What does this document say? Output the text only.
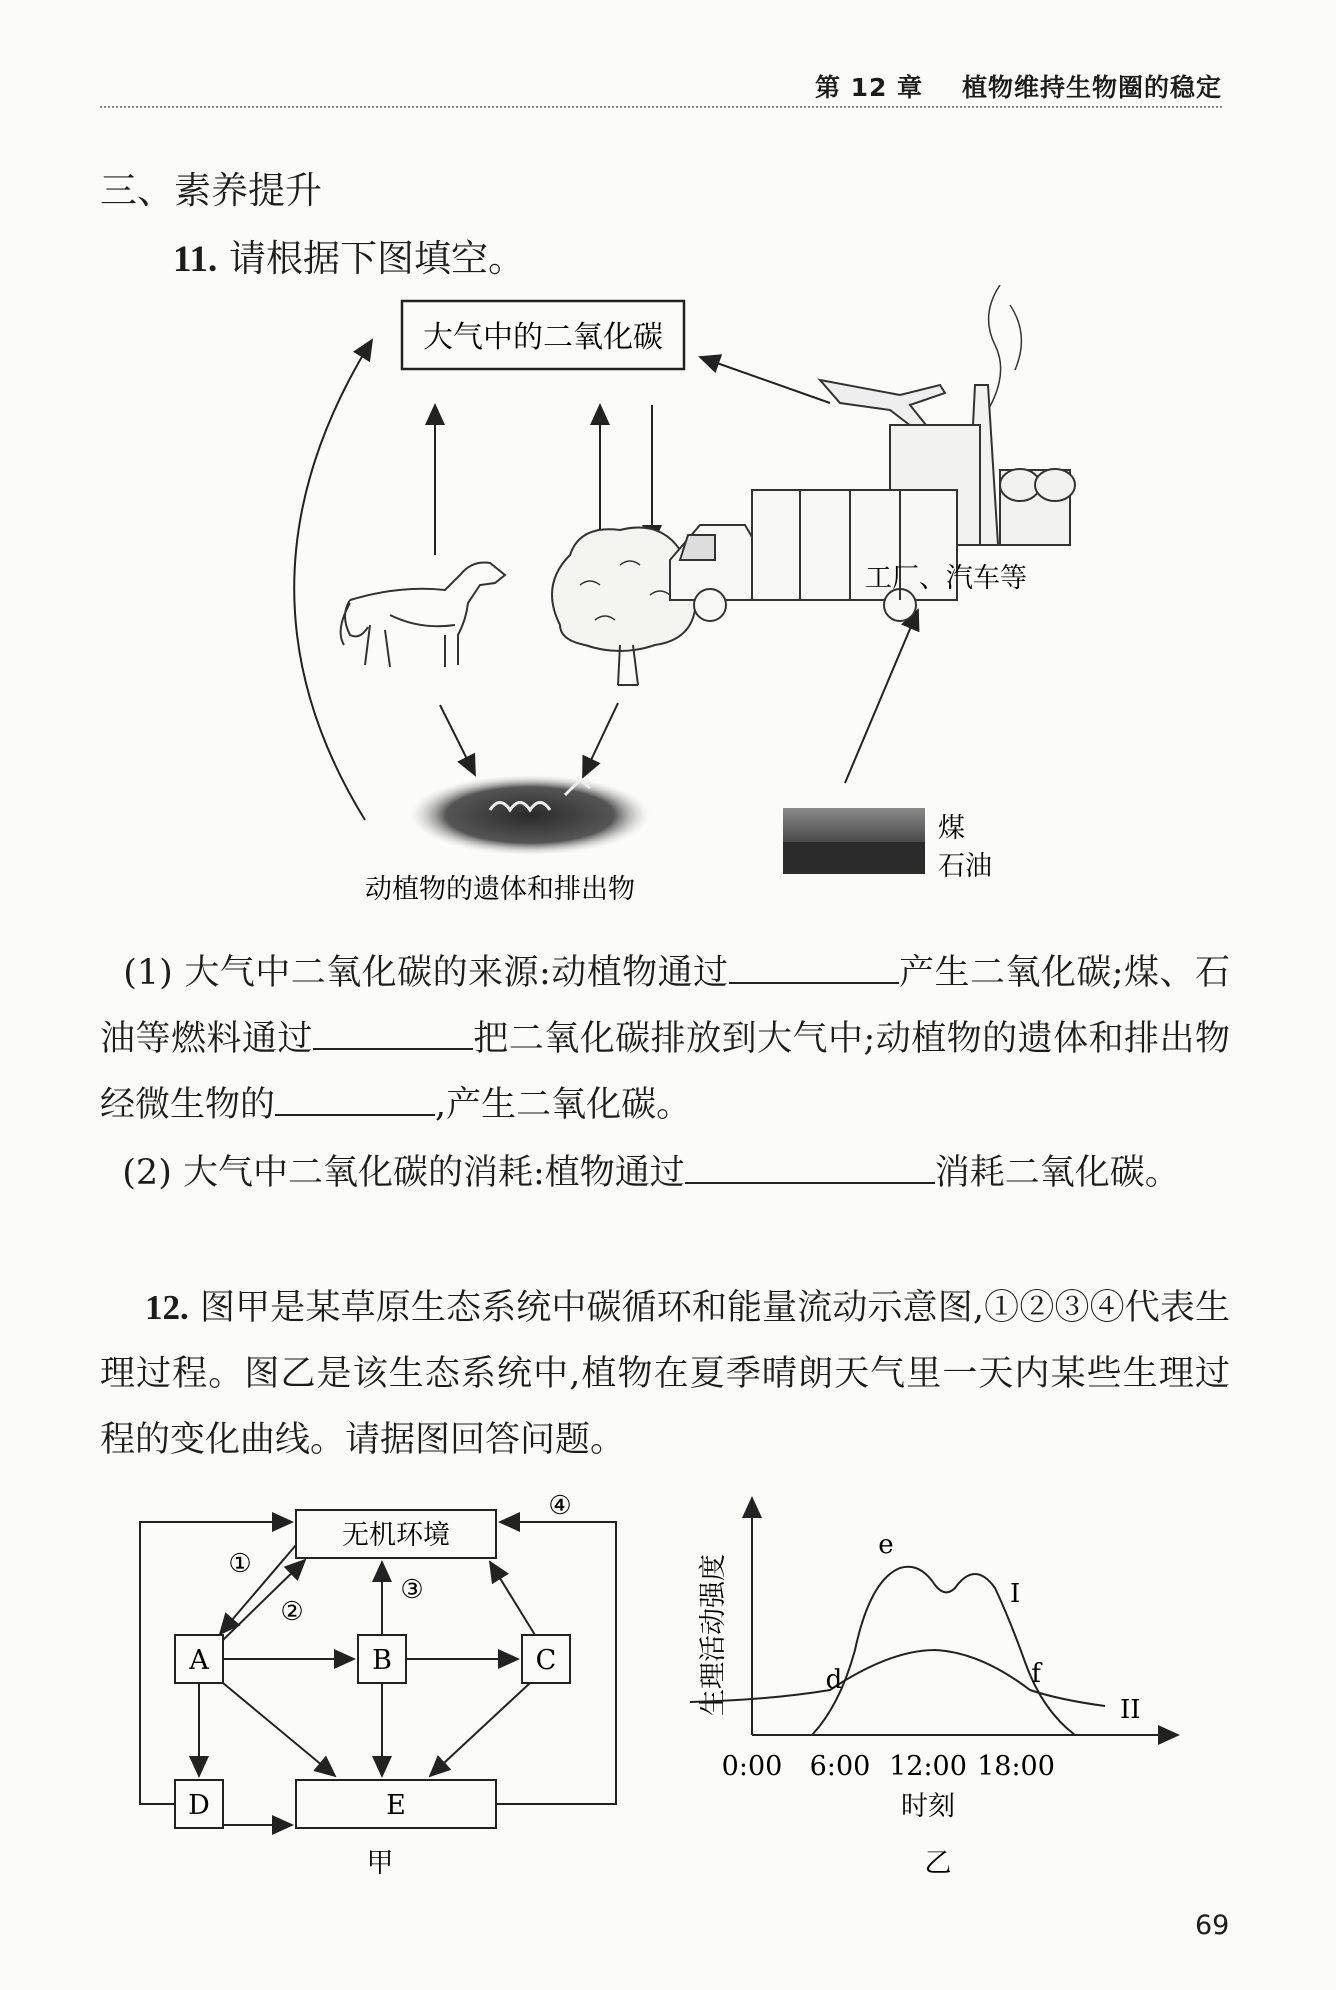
第 12 章 植物维持生物圈的稳定
三、素养提升
11. 请根据下图填空。
大气中的二氧化碳
动植物的遗体和排出物
工厂、汽车等
煤
石油
(1) 大气中二氧化碳的来源:动植物通过	产生二氧化碳;煤、石油等燃料通过	把二氧化碳排放到大气中;动植物的遗体和排出物经微生物的	,产生二氧化碳。
(2) 大气中二氧化碳的消耗:植物通过	消耗二氧化碳。
12. 图甲是某草原生态系统中碳循环和能量流动示意图,①②③④代表生理过程。图乙是该生态系统中,植物在夏季晴朗天气里一天内某些生理过程的变化曲线。请据图回答问题。
无机环境
A	B	C
D	E
①
②
③
④
甲
生理活动强度
e
d	f
I
II
0:00 6:00 12:00 18:00
时刻
乙
69
